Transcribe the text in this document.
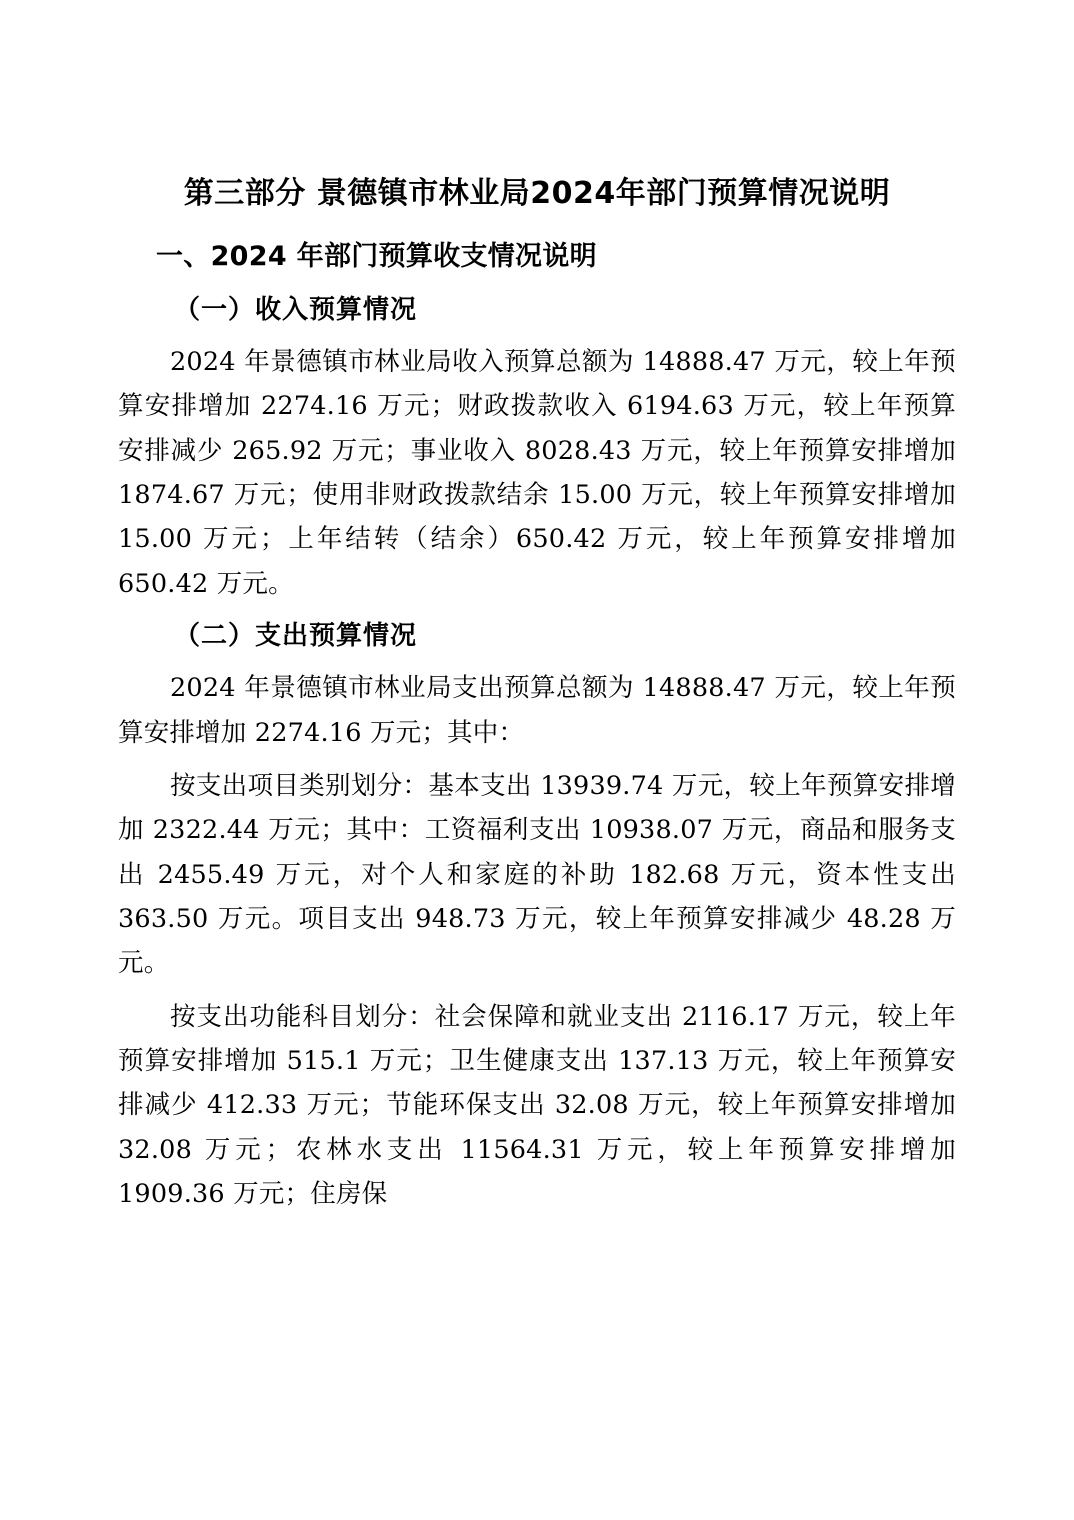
第三部分 景德镇市林业局2024年部门预算情况说明
一、2024 年部门预算收支情况说明
（一）收入预算情况

2024 年景德镇市林业局收入预算总额为 14888.47 万元，较上年预算安排增加 2274.16 万元；财政拨款收入 6194.63 万元，较上年预算安排减少 265.92 万元；事业收入 8028.43 万元，较上年预算安排增加 1874.67 万元；使用非财政拨款结余 15.00 万元，较上年预算安排增加 15.00 万元；上年结转（结余）650.42 万元，较上年预算安排增加 650.42 万元。

（二）支出预算情况

2024 年景德镇市林业局支出预算总额为 14888.47 万元，较上年预算安排增加 2274.16 万元；其中：

按支出项目类别划分：基本支出 13939.74 万元，较上年预算安排增加 2322.44 万元；其中：工资福利支出 10938.07 万元，商品和服务支出 2455.49 万元，对个人和家庭的补助 182.68 万元，资本性支出 363.50 万元。项目支出 948.73 万元，较上年预算安排减少 48.28 万元。

按支出功能科目划分：社会保障和就业支出 2116.17 万元，较上年预算安排增加 515.1 万元；卫生健康支出 137.13 万元，较上年预算安排减少 412.33 万元；节能环保支出 32.08 万元，较上年预算安排增加 32.08 万元；农林水支出 11564.31 万元，较上年预算安排增加 1909.36 万元；住房保
